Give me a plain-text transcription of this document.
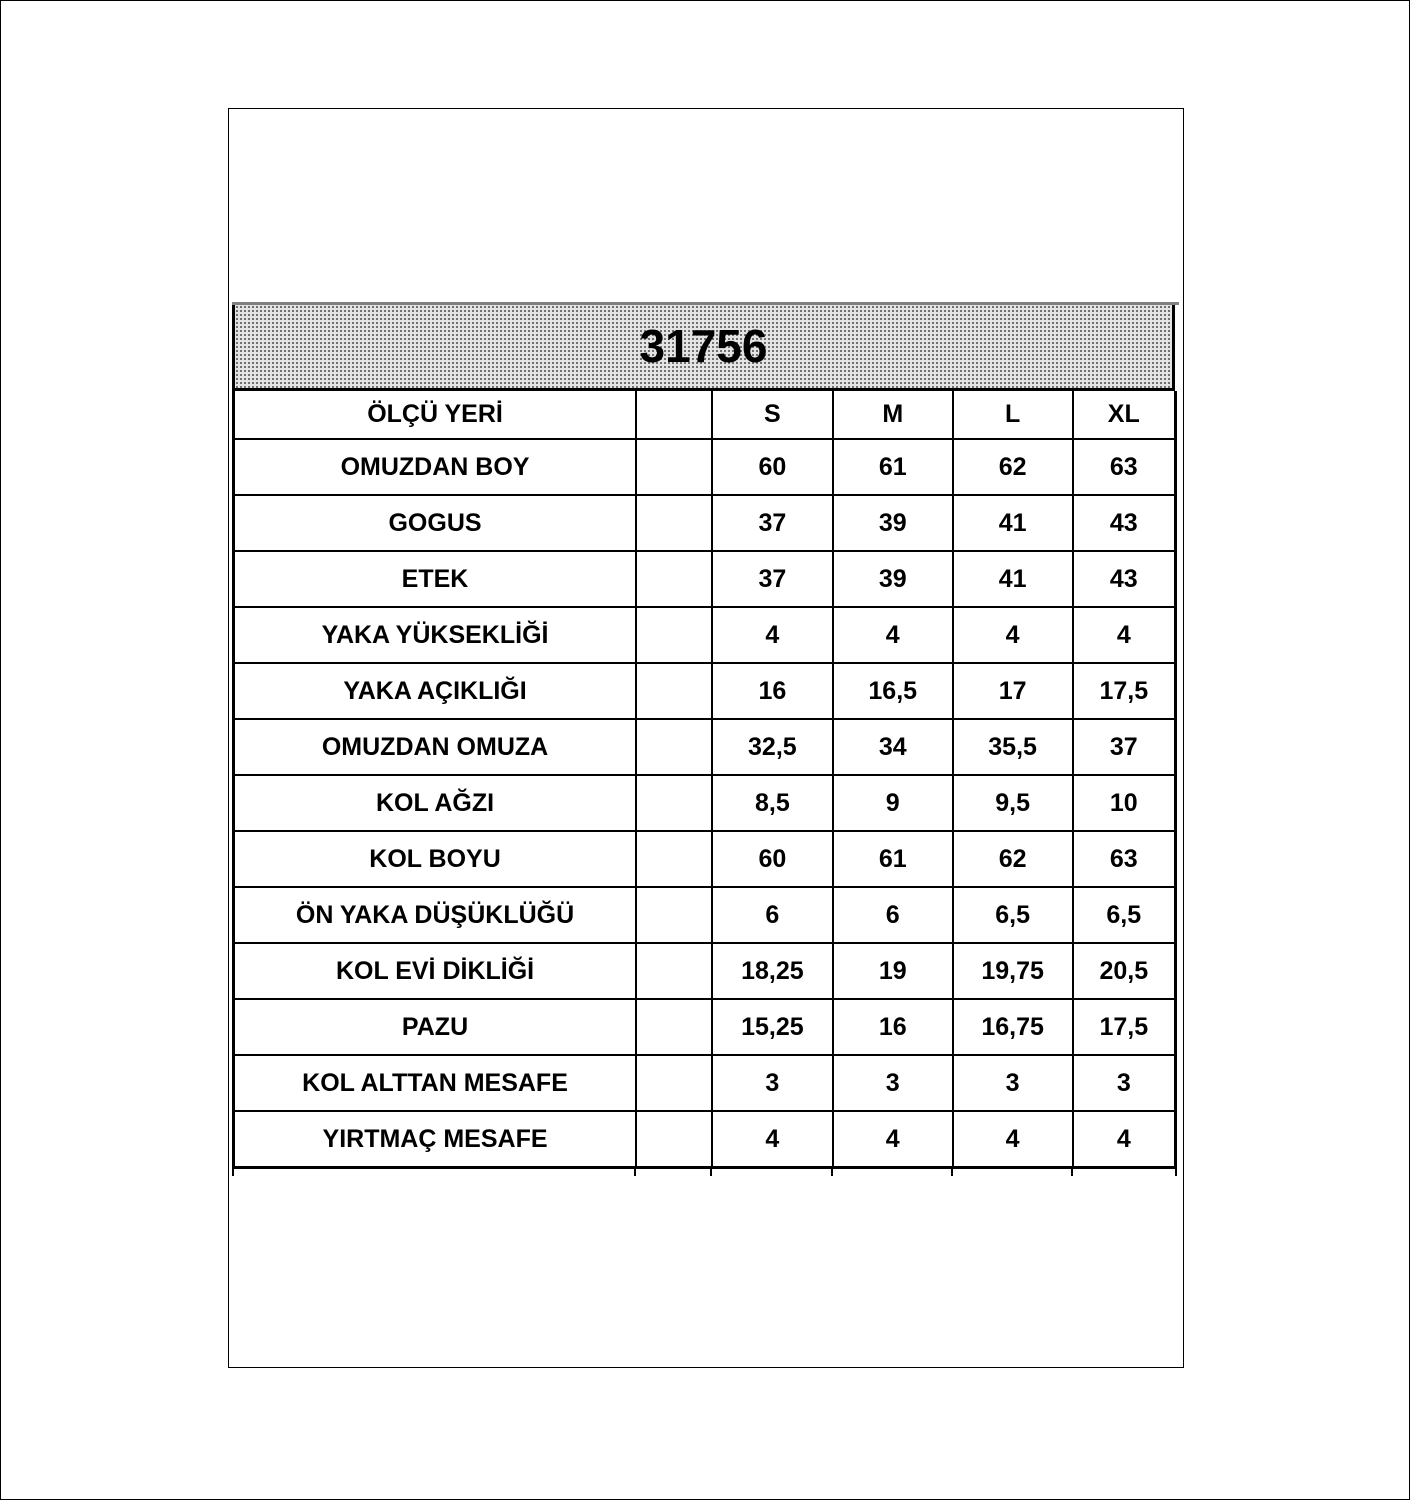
31756
ÖLÇÜ YERİ		S	M	L	XL
OMUZDAN BOY		60	61	62	63
GOGUS		37	39	41	43
ETEK		37	39	41	43
YAKA YÜKSEKLİĞİ		4	4	4	4
YAKA AÇIKLIĞI		16	16,5	17	17,5
OMUZDAN OMUZA		32,5	34	35,5	37
KOL AĞZI		8,5	9	9,5	10
KOL BOYU		60	61	62	63
ÖN YAKA DÜŞÜKLÜĞÜ		6	6	6,5	6,5
KOL EVİ DİKLİĞİ		18,25	19	19,75	20,5
PAZU		15,25	16	16,75	17,5
KOL ALTTAN MESAFE		3	3	3	3
YIRTMAÇ MESAFE		4	4	4	4
